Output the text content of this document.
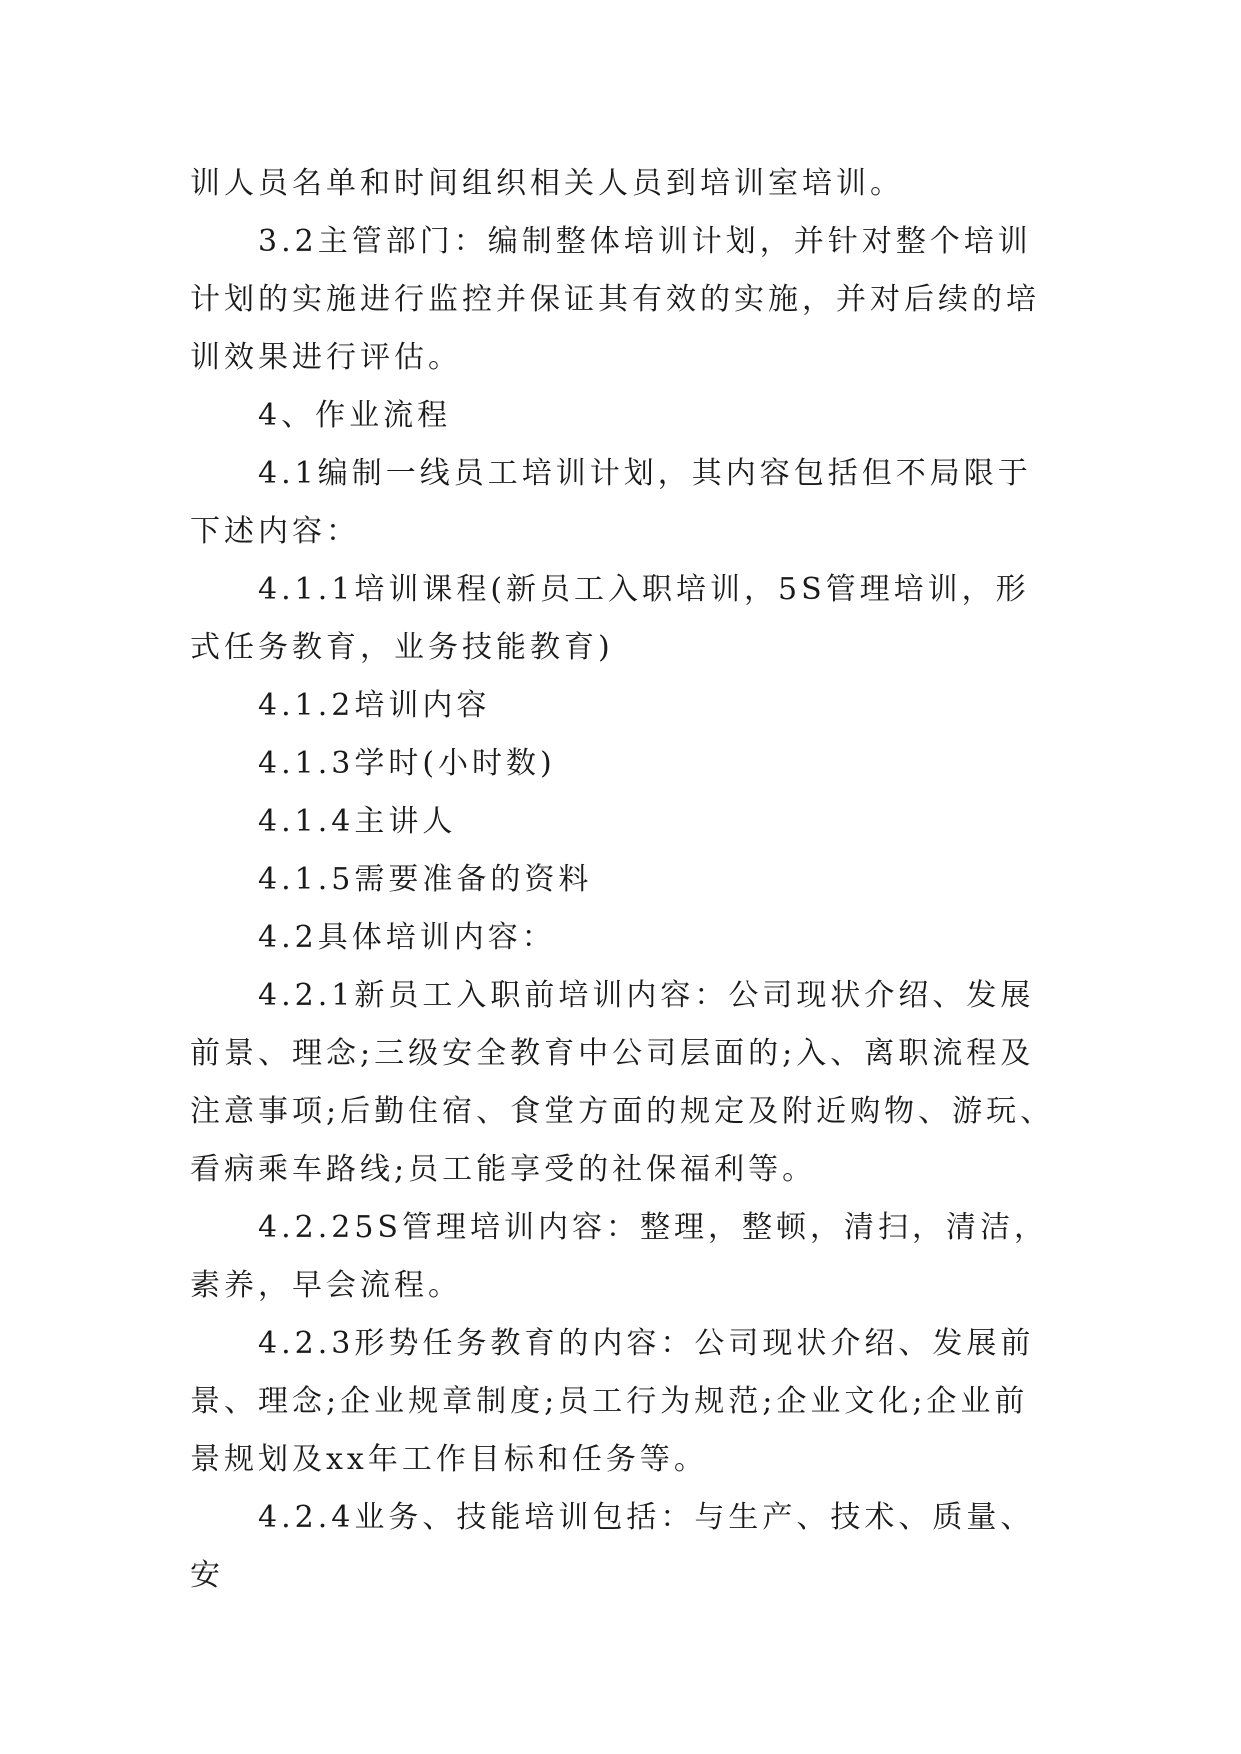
训人员名单和时间组织相关人员到培训室培训。

3.2主管部门：编制整体培训计划，并针对整个培训计划的实施进行监控并保证其有效的实施，并对后续的培训效果进行评估。

4、作业流程

4.1编制一线员工培训计划，其内容包括但不局限于下述内容：

4.1.1培训课程(新员工入职培训，5S管理培训，形式任务教育，业务技能教育)

4.1.2培训内容

4.1.3学时(小时数)

4.1.4主讲人

4.1.5需要准备的资料

4.2具体培训内容：

4.2.1新员工入职前培训内容：公司现状介绍、发展前景、理念;三级安全教育中公司层面的;入、离职流程及注意事项;后勤住宿、食堂方面的规定及附近购物、游玩、看病乘车路线;员工能享受的社保福利等。

4.2.25S管理培训内容：整理，整顿，清扫，清洁，素养，早会流程。

4.2.3形势任务教育的内容：公司现状介绍、发展前景、理念;企业规章制度;员工行为规范;企业文化;企业前景规划及xx年工作目标和任务等。

4.2.4业务、技能培训包括：与生产、技术、质量、安
